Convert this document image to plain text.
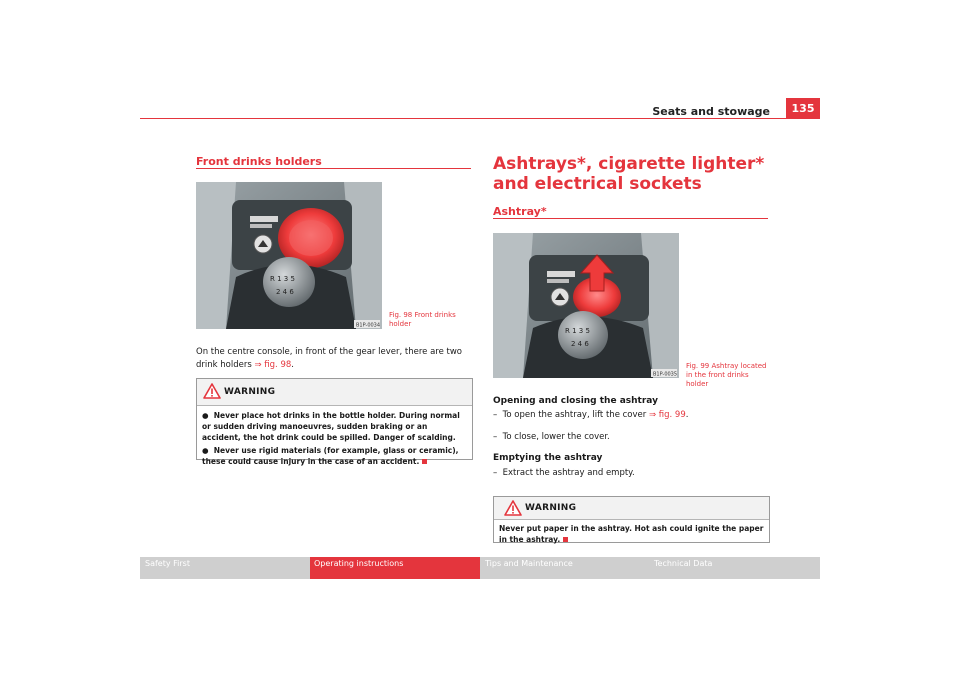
Seats and stowage	135
Front drinks holders
R 1 3 5
2 4 6
B1P-0034
Fig. 98 Front drinks holder
On the centre console, in front of the gear lever, there are two drink holders ⇒ fig. 98.
WARNING

●  Never place hot drinks in the bottle holder. During normal or sudden driving manoeuvres, sudden braking or an accident, the hot drink could be spilled. Danger of scalding.

●  Never use rigid materials (for example, glass or ceramic), these could cause injury in the case of an accident.

Ashtrays*, cigarette lighter* and electrical sockets
Ashtray*
R 1 3 5
2 4 6
B1P-0035
Fig. 99 Ashtray located in the front drinks holder
Opening and closing the ashtray
–  To open the ashtray, lift the cover ⇒ fig. 99.
–  To close, lower the cover.
Emptying the ashtray
–  Extract the ashtray and empty.
WARNING
Never put paper in the ashtray. Hot ash could ignite the paper in the ashtray.
Safety First	Operating instructions	Tips and Maintenance	Technical Data
